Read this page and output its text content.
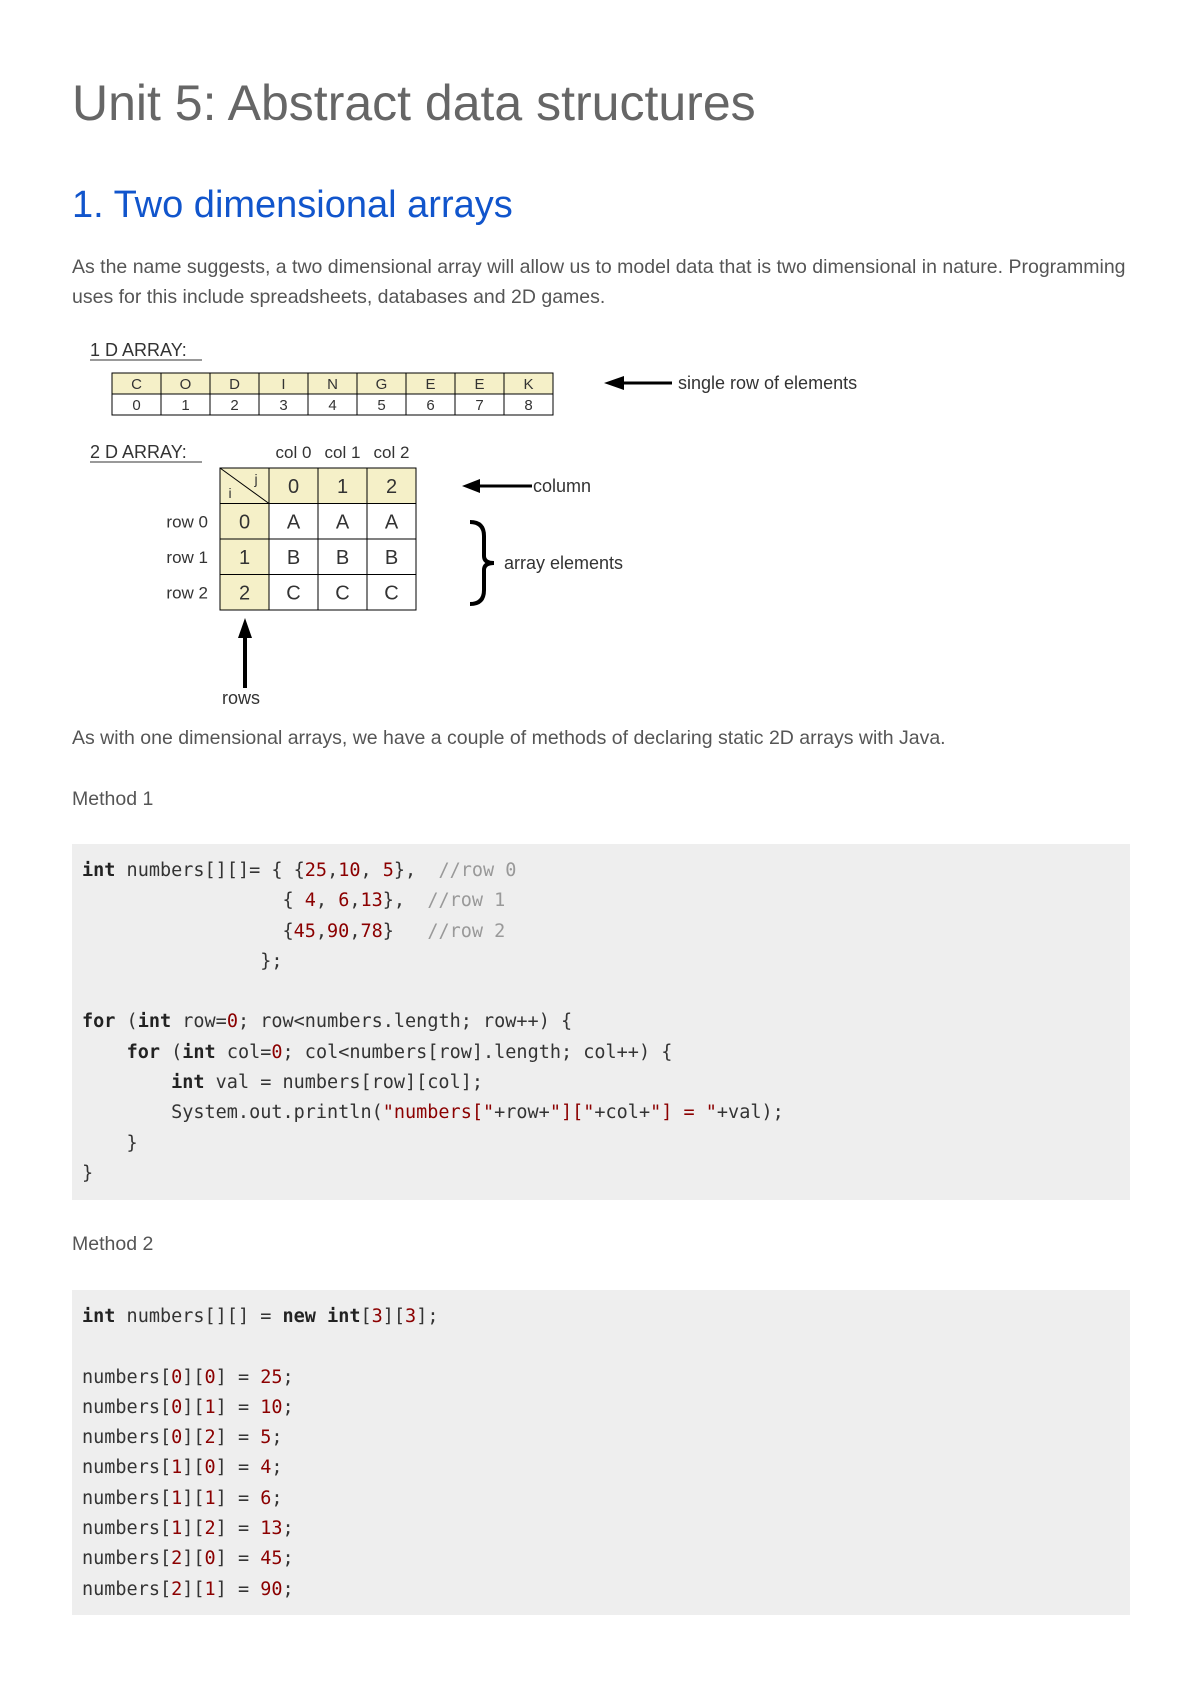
Unit 5: Abstract data structures
1. Two dimensional arrays

As the name suggests, a two dimensional array will allow us to model data that is two dimensional in nature. Programming uses for this include spreadsheets, databases and 2D games.

As with one dimensional arrays, we have a couple of methods of declaring static 2D arrays with Java.

Method 1

int numbers[][]= { {25,10, 5},  //row 0
{ 4, 6,13},  //row 1
{45,90,78}   //row 2
};
for (int row=0; row<numbers.length; row++) {
for (int col=0; col<numbers[row].length; col++) {
int val = numbers[row][col];
System.out.println("numbers["+row+"]["+col+"] = "+val);
}
}

Method 2

int numbers[][] = new int[3][3];
numbers[0][0] = 25;
numbers[0][1] = 10;
numbers[0][2] = 5;
numbers[1][0] = 4;
numbers[1][1] = 6;
numbers[1][2] = 13;
numbers[2][0] = 45;
numbers[2][1] = 90;
1 D ARRAY:
C
0
O
1
D
2
I
3
N
4
G
5
E
6
E
7
K
8
single row of elements
2 D ARRAY:	col 0 col 1 col 2
i
j 0 1 2
row 0 0 A A A
row 1 1 B B B
row 2 2 C C C
column
array elements
rows
